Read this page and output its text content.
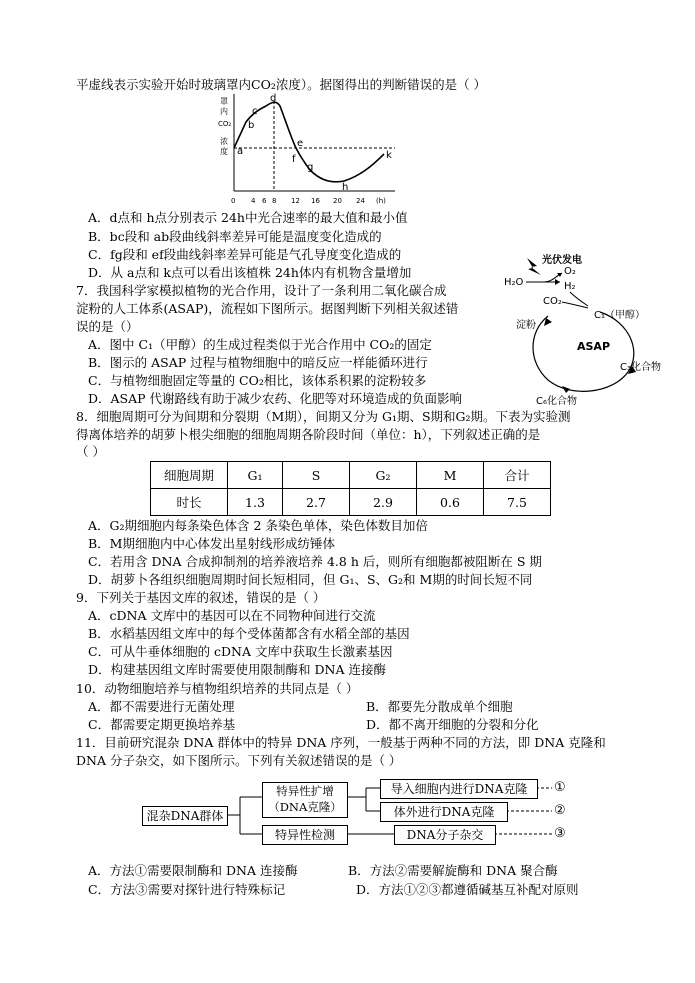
平虚线表示实验开始时玻璃罩内CO₂浓度）。据图得出的判断错误的是（ ）
a
b
c
d
e
f
g
h
k
罩
内
CO₂
浓
度
0 4 6 8 12 16 20 24 (h)
A．d点和 h点分别表示 24h中光合速率的最大值和最小值
B．bc段和 ab段曲线斜率差异可能是温度变化造成的
C．fg段和 ef段曲线斜率差异可能是气孔导度变化造成的
D．从 a点和 k点可以看出该植株 24h体内有机物含量增加
7．我国科学家模拟植物的光合作用，设计了一条利用二氧化碳合成
淀粉的人工体系(ASAP)，流程如下图所示。据图判断下列相关叙述错
误的是（）
A．图中 C₁（甲醇）的生成过程类似于光合作用中 CO₂的固定
B．图示的 ASAP 过程与植物细胞中的暗反应一样能循环进行
C．与植物细胞固定等量的 CO₂相比，该体系积累的淀粉较多
D．ASAP 代谢路线有助于减少农药、化肥等对环境造成的负面影响
光伏发电
H₂O
O₂
H₂
CO₂
C₁（甲醇）
ASAP
C₃化合物
C₆化合物
淀粉
8．细胞周期可分为间期和分裂期（M期），间期又分为 G₁期、S期和G₂期。下表为实验测
得离体培养的胡萝卜根尖细胞的细胞周期各阶段时间（单位：h），下列叙述正确的是
（ ）
细胞周期	G₁	S	G₂	M	合计
时长	1.3	2.7	2.9	0.6	7.5
A．G₂期细胞内每条染色体含 2 条染色单体，染色体数目加倍
B．M期细胞内中心体发出星射线形成纺锤体
C．若用含 DNA 合成抑制剂的培养液培养 4.8 h 后，则所有细胞都被阻断在 S 期
D．胡萝卜各组织细胞周期时间长短相同，但 G₁、S、G₂和 M期的时间长短不同
9．下列关于基因文库的叙述，错误的是（ ）
A．cDNA 文库中的基因可以在不同物种间进行交流
B．水稻基因组文库中的每个受体菌都含有水稻全部的基因
C．可从牛垂体细胞的 cDNA 文库中获取生长激素基因
D．构建基因组文库时需要使用限制酶和 DNA 连接酶
10．动物细胞培养与植物组织培养的共同点是（ ）
A．都不需要进行无菌处理	B．都要先分散成单个细胞
C．都需要定期更换培养基	D．都不离开细胞的分裂和分化
11．目前研究混杂 DNA 群体中的特异 DNA 序列，一般基于两种不同的方法，即 DNA 克隆和
DNA 分子杂交，如下图所示。下列有关叙述错误的是（ ）
混杂DNA群体
特异性扩增
（DNA克隆）
特异性检测
导入细胞内进行DNA克隆
体外进行DNA克隆
DNA分子杂交
①
②
③
A．方法①需要限制酶和 DNA 连接酶	B．方法②需要解旋酶和 DNA 聚合酶
C．方法③需要对探针进行特殊标记	D．方法①②③都遵循碱基互补配对原则
